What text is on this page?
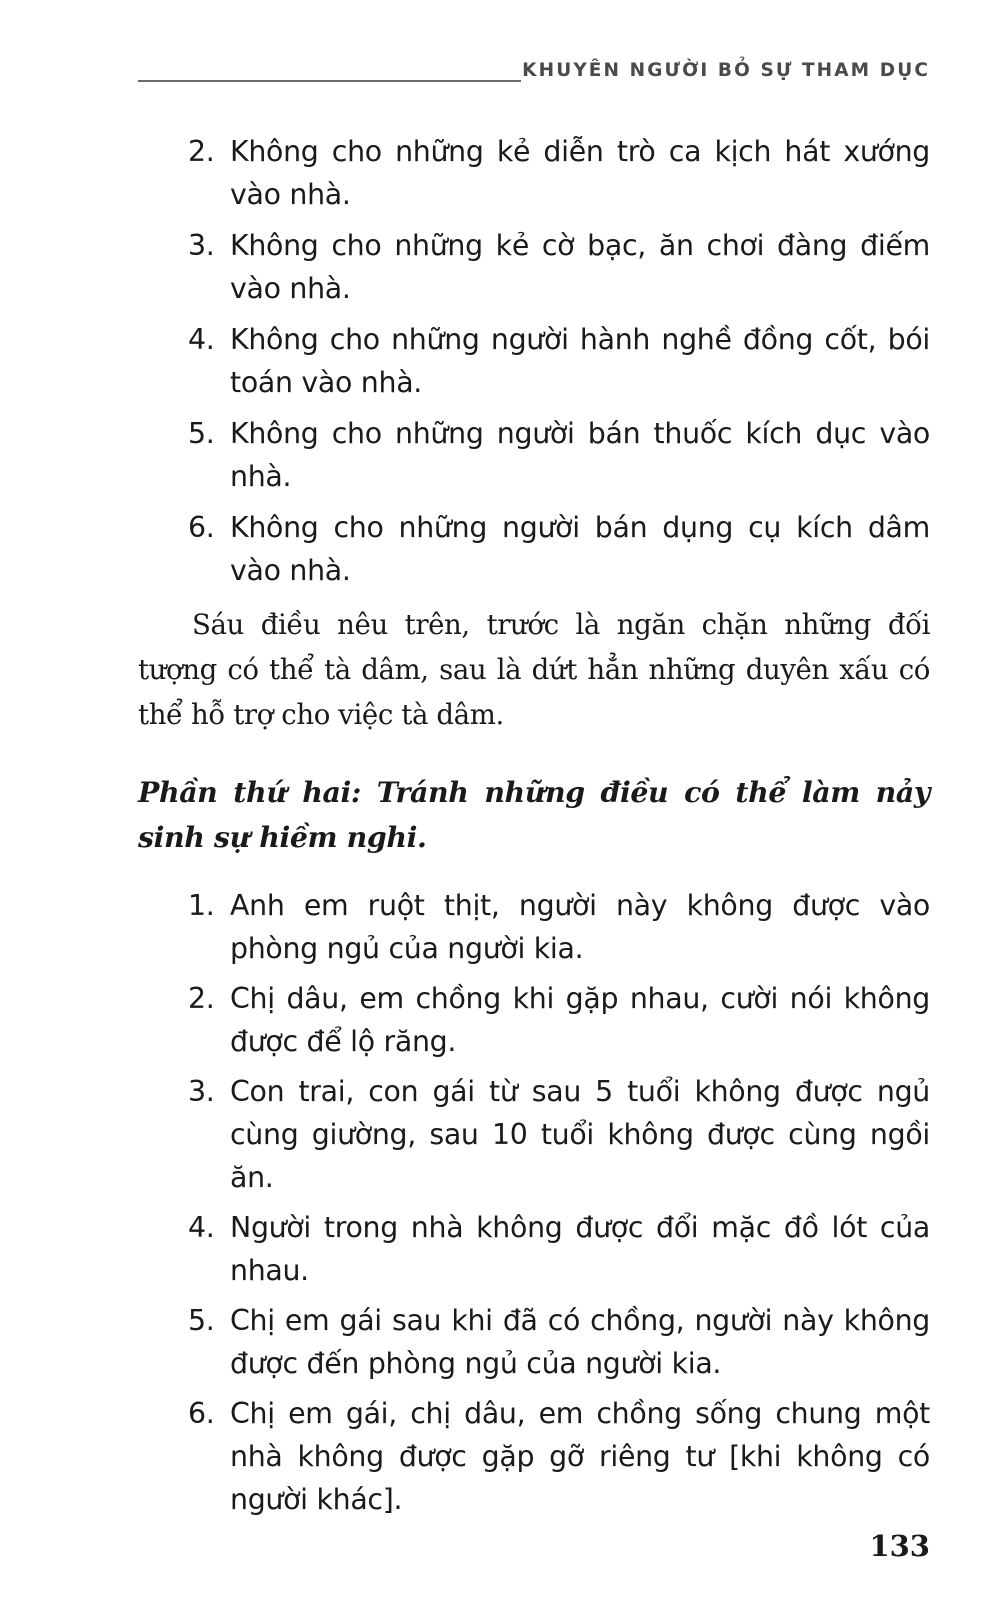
KHUYÊN NGƯỜI BỎ SỰ THAM DỤC
2. Không cho những kẻ diễn trò ca kịch hát xướng vào nhà.
3. Không cho những kẻ cờ bạc, ăn chơi đàng điếm vào nhà.
4. Không cho những người hành nghề đồng cốt, bói toán vào nhà.
5. Không cho những người bán thuốc kích dục vào nhà.
6. Không cho những người bán dụng cụ kích dâm vào nhà.

Sáu điều nêu trên, trước là ngăn chặn những đối tượng có thể tà dâm, sau là dứt hẳn những duyên xấu có thể hỗ trợ cho việc tà dâm.

Phần thứ hai: Tránh những điều có thể làm nảy sinh sự hiềm nghi.
1. Anh em ruột thịt, người này không được vào phòng ngủ của người kia.
2. Chị dâu, em chồng khi gặp nhau, cười nói không được để lộ răng.
3. Con trai, con gái từ sau 5 tuổi không được ngủ cùng giường, sau 10 tuổi không được cùng ngồi ăn.
4. Người trong nhà không được đổi mặc đồ lót của nhau.
5. Chị em gái sau khi đã có chồng, người này không được đến phòng ngủ của người kia.
6. Chị em gái, chị dâu, em chồng sống chung một nhà không được gặp gỡ riêng tư [khi không có người khác].
133
